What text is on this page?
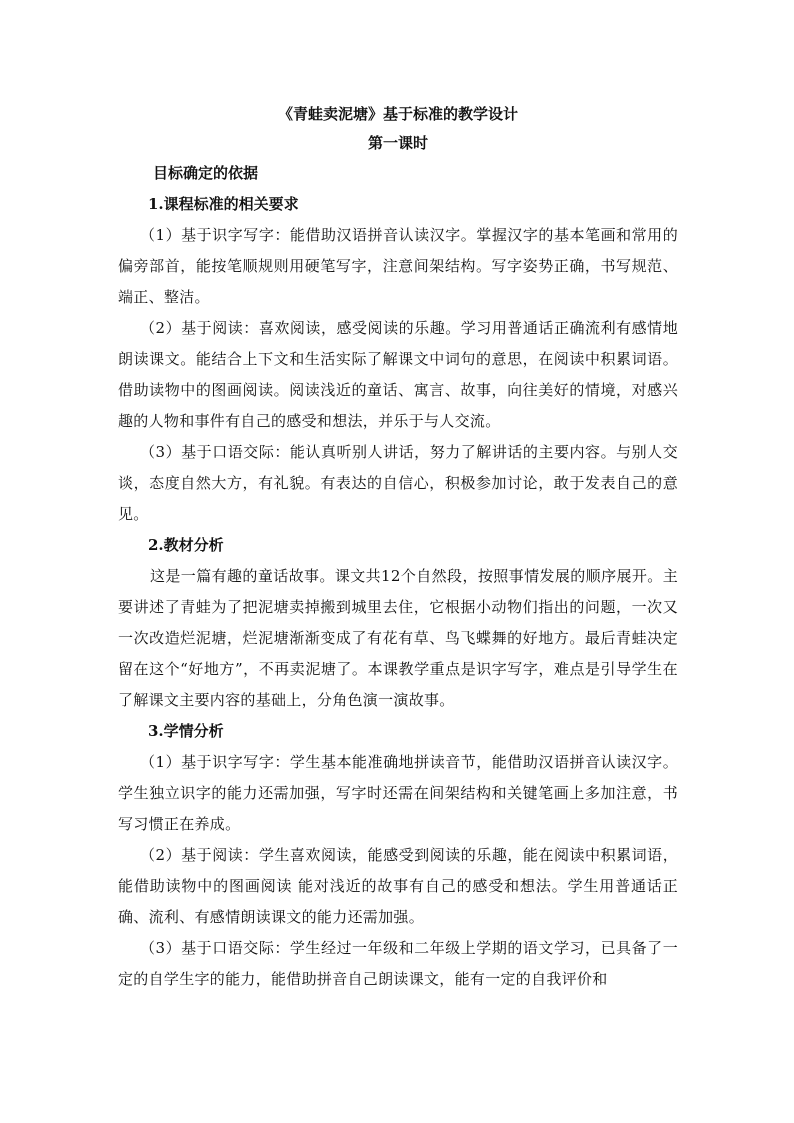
《青蛙卖泥塘》基于标准的教学设计

第一课时

目标确定的依据

1.课程标准的相关要求

（1）基于识字写字：能借助汉语拼音认读汉字。掌握汉字的基本笔画和常用的偏旁部首，能按笔顺规则用硬笔写字，注意间架结构。写字姿势正确，书写规范、端正、整洁。

（2）基于阅读：喜欢阅读，感受阅读的乐趣。学习用普通话正确流利有感情地朗读课文。能结合上下文和生活实际了解课文中词句的意思，在阅读中积累词语。借助读物中的图画阅读。阅读浅近的童话、寓言、故事，向往美好的情境，对感兴趣的人物和事件有自己的感受和想法，并乐于与人交流。

（3）基于口语交际：能认真听别人讲话，努力了解讲话的主要内容。与别人交谈，态度自然大方，有礼貌。有表达的自信心，积极参加讨论，敢于发表自己的意见。

2.教材分析

这是一篇有趣的童话故事。课文共12个自然段，按照事情发展的顺序展开。主要讲述了青蛙为了把泥塘卖掉搬到城里去住，它根据小动物们指出的问题，一次又一次改造烂泥塘，烂泥塘渐渐变成了有花有草、鸟飞蝶舞的好地方。最后青蛙决定留在这个“好地方”，不再卖泥塘了。本课教学重点是识字写字，难点是引导学生在了解课文主要内容的基础上，分角色演一演故事。

3.学情分析

（1）基于识字写字：学生基本能准确地拼读音节，能借助汉语拼音认读汉字。学生独立识字的能力还需加强，写字时还需在间架结构和关键笔画上多加注意，书写习惯正在养成。

（2）基于阅读：学生喜欢阅读，能感受到阅读的乐趣，能在阅读中积累词语，能借助读物中的图画阅读 能对浅近的故事有自己的感受和想法。学生用普通话正确、流利、有感情朗读课文的能力还需加强。

（3）基于口语交际：学生经过一年级和二年级上学期的语文学习，已具备了一定的自学生字的能力，能借助拼音自己朗读课文，能有一定的自我评价和
